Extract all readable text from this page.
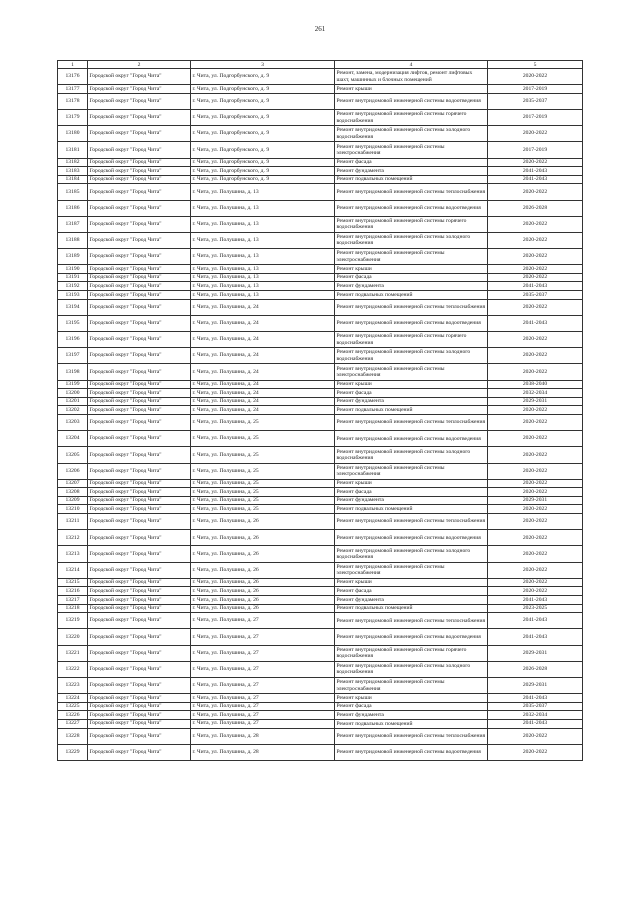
261
1	2	3	4	5
13176	Городской округ "Город Чита"	г. Чита, ул. Подгорбунского, д. 9	Ремонт, замена, модернизация лифтов, ремонт лифтовых шахт, машинных и блочных помещений	2020-2022
13177	Городской округ "Город Чита"	г. Чита, ул. Подгорбунского, д. 9	Ремонт крыши	2017-2019
13178	Городской округ "Город Чита"	г. Чита, ул. Подгорбунского, д. 9	Ремонт внутридомовой инженерной системы водоотведения	2035-2037
13179	Городской округ "Город Чита"	г. Чита, ул. Подгорбунского, д. 9	Ремонт внутридомовой инженерной системы горячего водоснабжения	2017-2019
13180	Городской округ "Город Чита"	г. Чита, ул. Подгорбунского, д. 9	Ремонт внутридомовой инженерной системы холодного водоснабжения	2020-2022
13181	Городской округ "Город Чита"	г. Чита, ул. Подгорбунского, д. 9	Ремонт внутридомовой инженерной системы электроснабжения	2017-2019
13182	Городской округ "Город Чита"	г. Чита, ул. Подгорбунского, д. 9	Ремонт фасада	2020-2022
13183	Городской округ "Город Чита"	г. Чита, ул. Подгорбунского, д. 9	Ремонт фундамента	2041-2043
13184	Городской округ "Город Чита"	г. Чита, ул. Подгорбунского, д. 9	Ремонт подвальных помещений	2041-2043
13185	Городской округ "Город Чита"	г. Чита, ул. Полушина, д. 13	Ремонт внутридомовой инженерной системы теплоснабжения	2020-2022
13186	Городской округ "Город Чита"	г. Чита, ул. Полушина, д. 13	Ремонт внутридомовой инженерной системы водоотведения	2026-2028
13187	Городской округ "Город Чита"	г. Чита, ул. Полушина, д. 13	Ремонт внутридомовой инженерной системы горячего водоснабжения	2020-2022
13188	Городской округ "Город Чита"	г. Чита, ул. Полушина, д. 13	Ремонт внутридомовой инженерной системы холодного водоснабжения	2020-2022
13189	Городской округ "Город Чита"	г. Чита, ул. Полушина, д. 13	Ремонт внутридомовой инженерной системы электроснабжения	2020-2022
13190	Городской округ "Город Чита"	г. Чита, ул. Полушина, д. 13	Ремонт крыши	2020-2022
13191	Городской округ "Город Чита"	г. Чита, ул. Полушина, д. 13	Ремонт фасада	2020-2022
13192	Городской округ "Город Чита"	г. Чита, ул. Полушина, д. 13	Ремонт фундамента	2041-2043
13193	Городской округ "Город Чита"	г. Чита, ул. Полушина, д. 13	Ремонт подвальных помещений	2035-2037
13194	Городской округ "Город Чита"	г. Чита, ул. Полушина, д. 24	Ремонт внутридомовой инженерной системы теплоснабжения	2020-2022
13195	Городской округ "Город Чита"	г. Чита, ул. Полушина, д. 24	Ремонт внутридомовой инженерной системы водоотведения	2041-2043
13196	Городской округ "Город Чита"	г. Чита, ул. Полушина, д. 24	Ремонт внутридомовой инженерной системы горячего водоснабжения	2020-2022
13197	Городской округ "Город Чита"	г. Чита, ул. Полушина, д. 24	Ремонт внутридомовой инженерной системы холодного водоснабжения	2020-2022
13198	Городской округ "Город Чита"	г. Чита, ул. Полушина, д. 24	Ремонт внутридомовой инженерной системы электроснабжения	2020-2022
13199	Городской округ "Город Чита"	г. Чита, ул. Полушина, д. 24	Ремонт крыши	2038-2040
13200	Городской округ "Город Чита"	г. Чита, ул. Полушина, д. 24	Ремонт фасада	2032-2034
13201	Городской округ "Город Чита"	г. Чита, ул. Полушина, д. 24	Ремонт фундамента	2029-2031
13202	Городской округ "Город Чита"	г. Чита, ул. Полушина, д. 24	Ремонт подвальных помещений	2020-2022
13203	Городской округ "Город Чита"	г. Чита, ул. Полушина, д. 25	Ремонт внутридомовой инженерной системы теплоснабжения	2020-2022
13204	Городской округ "Город Чита"	г. Чита, ул. Полушина, д. 25	Ремонт внутридомовой инженерной системы водоотведения	2020-2022
13205	Городской округ "Город Чита"	г. Чита, ул. Полушина, д. 25	Ремонт внутридомовой инженерной системы холодного водоснабжения	2020-2022
13206	Городской округ "Город Чита"	г. Чита, ул. Полушина, д. 25	Ремонт внутридомовой инженерной системы электроснабжения	2020-2022
13207	Городской округ "Город Чита"	г. Чита, ул. Полушина, д. 25	Ремонт крыши	2020-2022
13208	Городской округ "Город Чита"	г. Чита, ул. Полушина, д. 25	Ремонт фасада	2020-2022
13209	Городской округ "Город Чита"	г. Чита, ул. Полушина, д. 25	Ремонт фундамента	2029-2031
13210	Городской округ "Город Чита"	г. Чита, ул. Полушина, д. 25	Ремонт подвальных помещений	2020-2022
13211	Городской округ "Город Чита"	г. Чита, ул. Полушина, д. 26	Ремонт внутридомовой инженерной системы теплоснабжения	2020-2022
13212	Городской округ "Город Чита"	г. Чита, ул. Полушина, д. 26	Ремонт внутридомовой инженерной системы водоотведения	2020-2022
13213	Городской округ "Город Чита"	г. Чита, ул. Полушина, д. 26	Ремонт внутридомовой инженерной системы холодного водоснабжения	2020-2022
13214	Городской округ "Город Чита"	г. Чита, ул. Полушина, д. 26	Ремонт внутридомовой инженерной системы электроснабжения	2020-2022
13215	Городской округ "Город Чита"	г. Чита, ул. Полушина, д. 26	Ремонт крыши	2020-2022
13216	Городской округ "Город Чита"	г. Чита, ул. Полушина, д. 26	Ремонт фасада	2020-2022
13217	Городской округ "Город Чита"	г. Чита, ул. Полушина, д. 26	Ремонт фундамента	2041-2043
13218	Городской округ "Город Чита"	г. Чита, ул. Полушина, д. 26	Ремонт подвальных помещений	2023-2025
13219	Городской округ "Город Чита"	г. Чита, ул. Полушина, д. 27	Ремонт внутридомовой инженерной системы теплоснабжения	2041-2043
13220	Городской округ "Город Чита"	г. Чита, ул. Полушина, д. 27	Ремонт внутридомовой инженерной системы водоотведения	2041-2043
13221	Городской округ "Город Чита"	г. Чита, ул. Полушина, д. 27	Ремонт внутридомовой инженерной системы горячего водоснабжения	2029-2031
13222	Городской округ "Город Чита"	г. Чита, ул. Полушина, д. 27	Ремонт внутридомовой инженерной системы холодного водоснабжения	2026-2028
13223	Городской округ "Город Чита"	г. Чита, ул. Полушина, д. 27	Ремонт внутридомовой инженерной системы электроснабжения	2029-2031
13224	Городской округ "Город Чита"	г. Чита, ул. Полушина, д. 27	Ремонт крыши	2041-2043
13225	Городской округ "Город Чита"	г. Чита, ул. Полушина, д. 27	Ремонт фасада	2035-2037
13226	Городской округ "Город Чита"	г. Чита, ул. Полушина, д. 27	Ремонт фундамента	2032-2034
13227	Городской округ "Город Чита"	г. Чита, ул. Полушина, д. 27	Ремонт подвальных помещений	2041-2043
13228	Городской округ "Город Чита"	г. Чита, ул. Полушина, д. 28	Ремонт внутридомовой инженерной системы теплоснабжения	2020-2022
13229	Городской округ "Город Чита"	г. Чита, ул. Полушина, д. 28	Ремонт внутридомовой инженерной системы водоотведения	2020-2022
